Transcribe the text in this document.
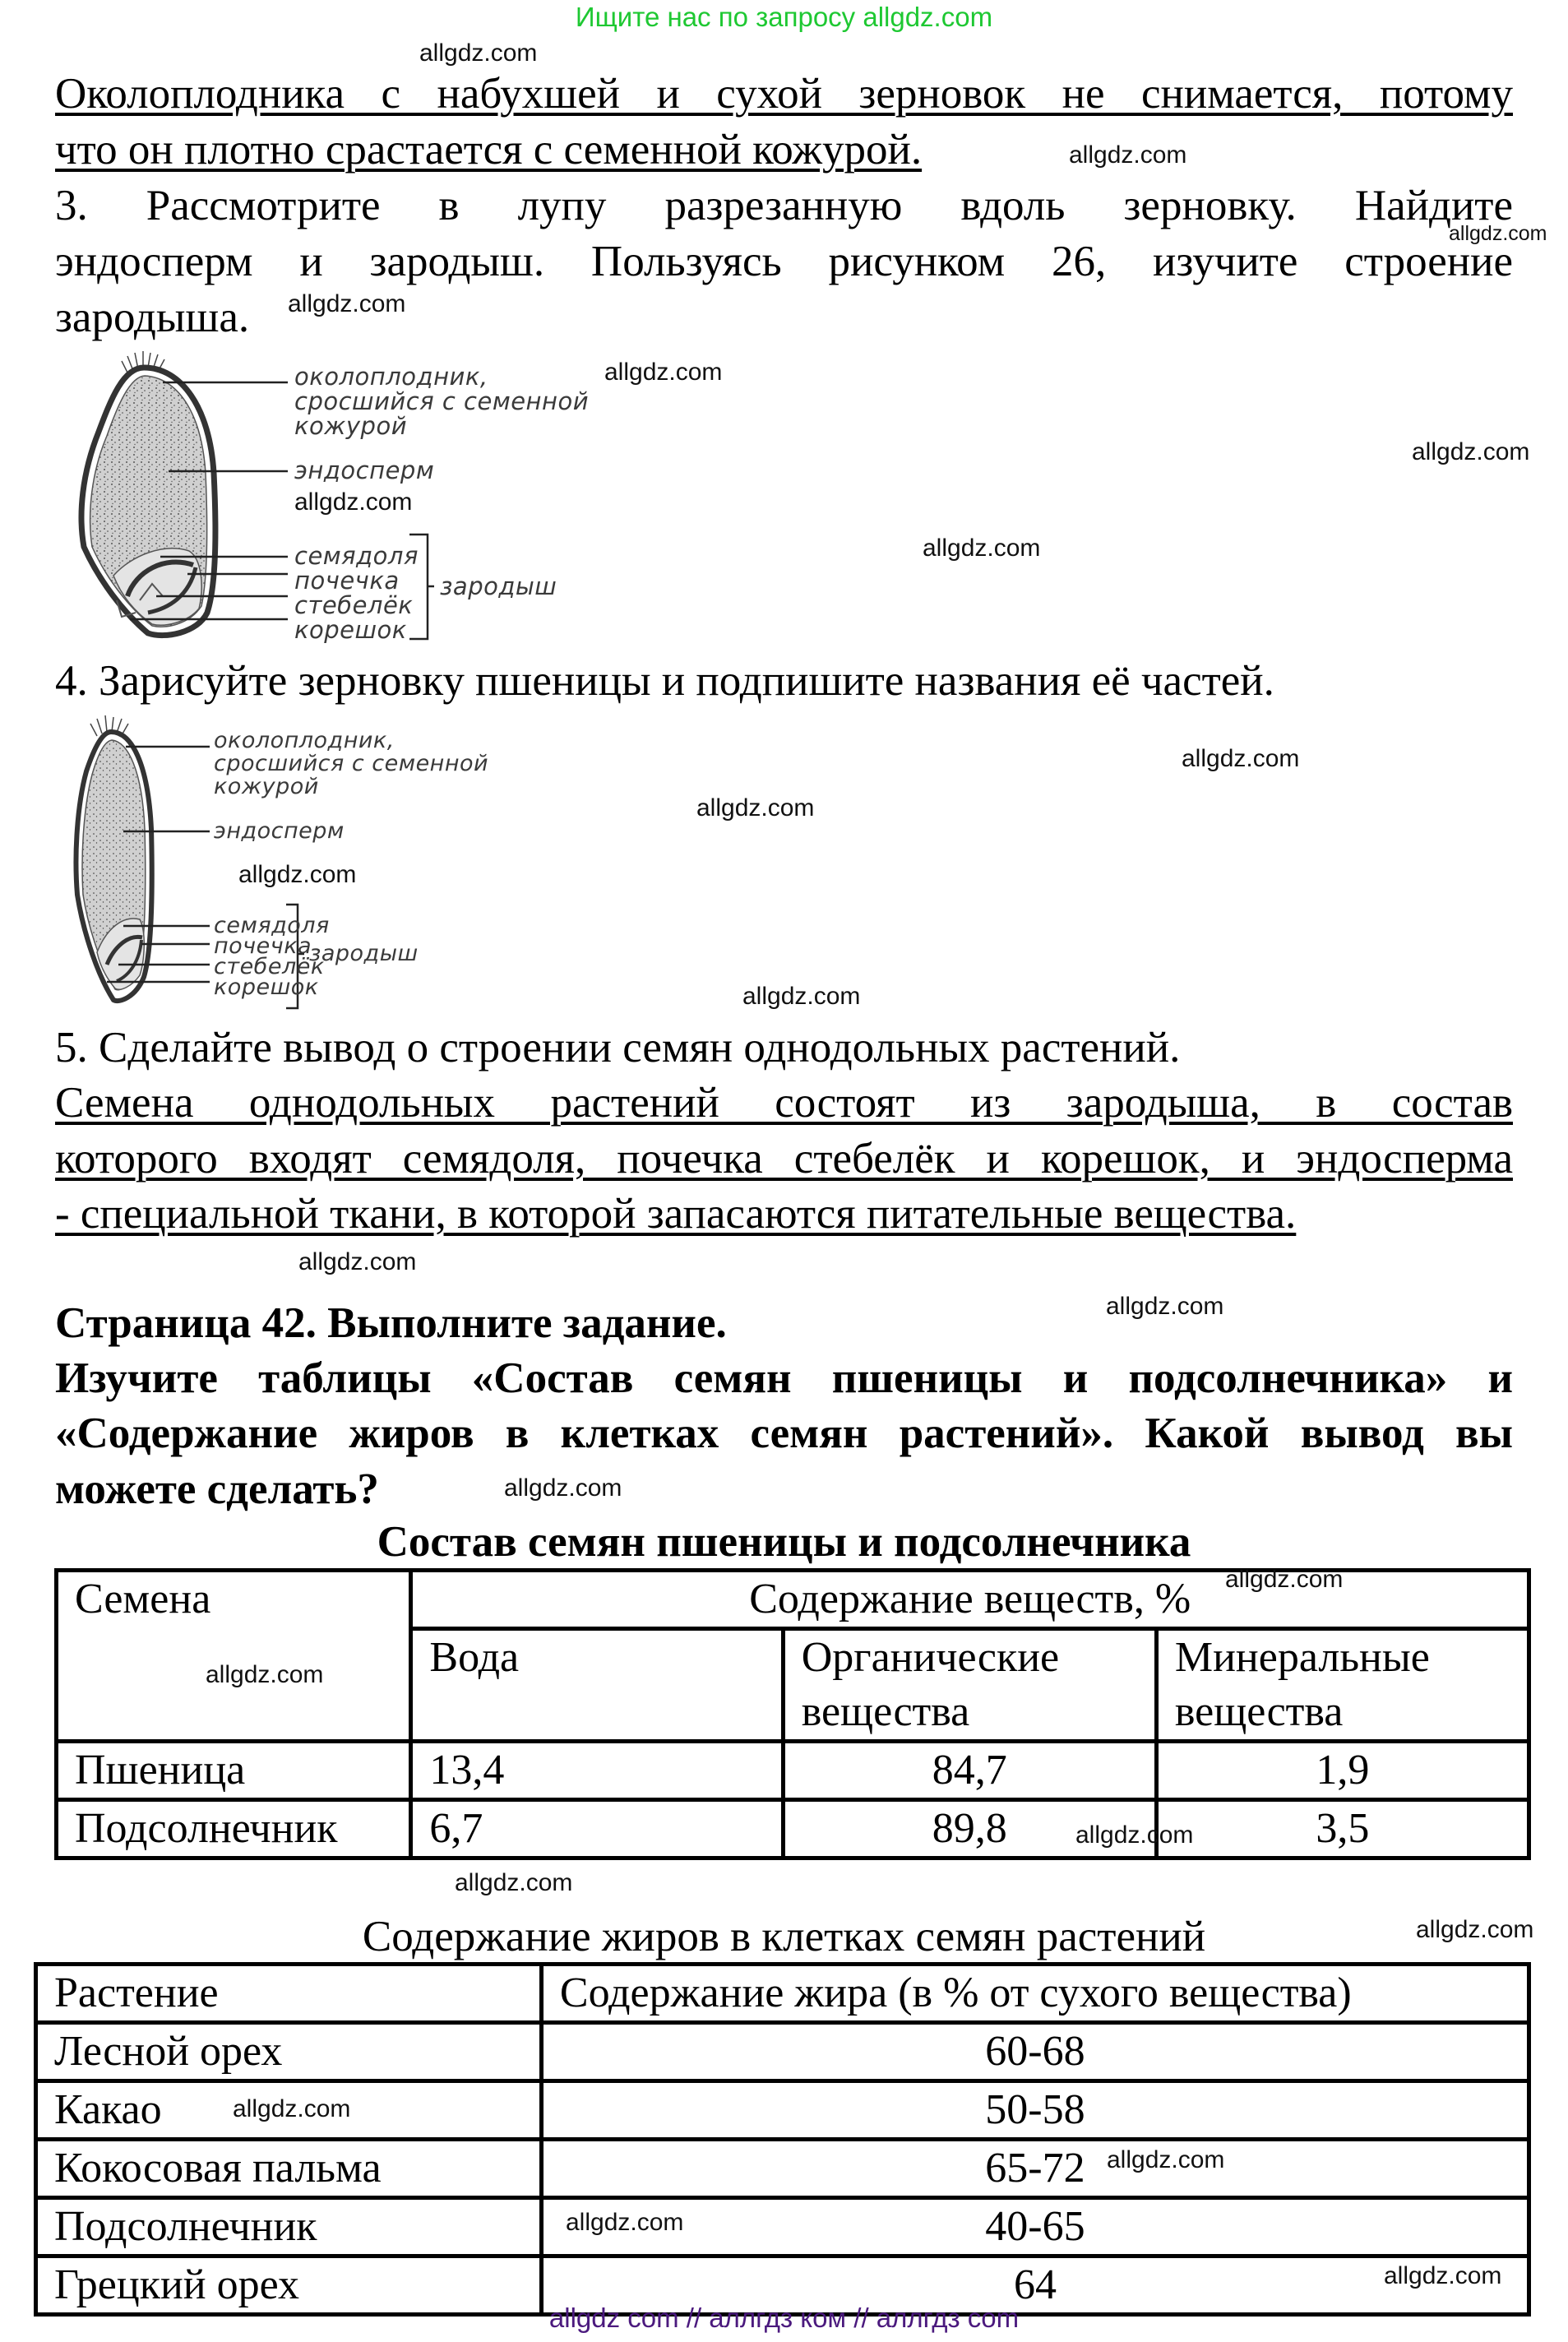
Ищите нас по запросу allgdz.com
allgdz.com
allgdz.com
allgdz.com
allgdz.com
allgdz.com
allgdz.com
allgdz.com
allgdz.com
allgdz.com
allgdz.com
allgdz.com
allgdz.com
allgdz.com
allgdz.com
allgdz.com
allgdz.com
allgdz.com
allgdz.com
allgdz.com
allgdz.com
allgdz.com
allgdz.com
allgdz.com
allgdz.com
Околоплодника с набухшей и сухой зерновок не снимается, потому
что он плотно срастается с семенной кожурой.
3. Рассмотрите в лупу разрезанную вдоль зерновку. Найдите
эндосперм и зародыш. Пользуясь рисунком 26, изучите строение
зародыша.
околоплодник,
сросшийся с семенной
кожурой
эндосперм
семядоля
почечка
стебелёк
корешок
зародыш
4. Зарисуйте зерновку пшеницы и подпишите названия её частей.
околоплодник,
сросшийся с семенной
кожурой
эндосперм
семядоля
почечка
стебелёк
корешок
зародыш
5. Сделайте вывод о строении семян однодольных растений.
Семена однодольных растений состоят из зародыша, в состав
которого входят семядоля, почечка стебелёк и корешок, и эндосперма
- специальной ткани, в которой запасаются питательные вещества.
Страница 42. Выполните задание.
Изучите таблицы «Состав семян пшеницы и подсолнечника» и
«Содержание жиров в клетках семян растений». Какой вывод вы
можете сделать?
Состав семян пшеницы и подсолнечника
Семена	Содержание веществ, %		
	Вода	Органические вещества	Минеральные вещества
Пшеница	13,4	84,7	1,9
Подсолнечник	6,7	89,8	3,5
Содержание жиров в клетках семян растений
Растение	Содержание жира (в % от сухого вещества)
Лесной орех	60-68
Какао	50-58
Кокосовая пальма	65-72
Подсолнечник	40-65
Грецкий орех	64
allgdz com // аллгдз ком // аллгдз com
